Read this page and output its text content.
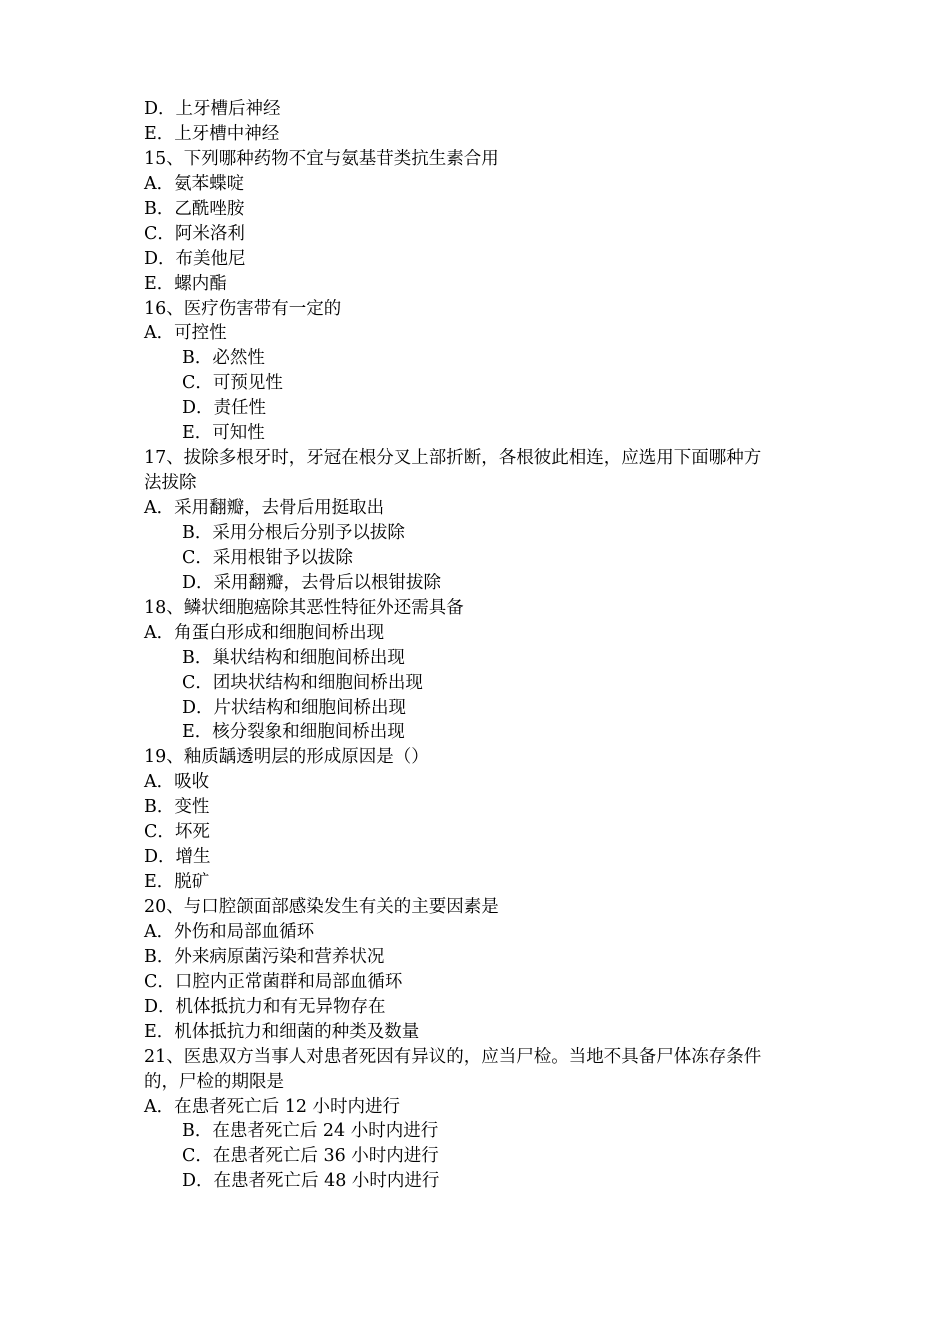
D．上牙槽后神经
E．上牙槽中神经
15、下列哪种药物不宜与氨基苷类抗生素合用
A．氨苯蝶啶
B．乙酰唑胺
C．阿米洛利
D．布美他尼
E．螺内酯
16、医疗伤害带有一定的
A．可控性
B．必然性
C．可预见性
D．责任性
E．可知性
17、拔除多根牙时，牙冠在根分叉上部折断，各根彼此相连，应选用下面哪种方
法拔除
A．采用翻瓣，去骨后用挺取出
B．采用分根后分别予以拔除
C．采用根钳予以拔除
D．采用翻瓣，去骨后以根钳拔除
18、鳞状细胞癌除其恶性特征外还需具备
A．角蛋白形成和细胞间桥出现
B．巢状结构和细胞间桥出现
C．团块状结构和细胞间桥出现
D．片状结构和细胞间桥出现
E．核分裂象和细胞间桥出现
19、釉质龋透明层的形成原因是（）
A．吸收
B．变性
C．坏死
D．增生
E．脱矿
20、与口腔颌面部感染发生有关的主要因素是
A．外伤和局部血循环
B．外来病原菌污染和营养状况
C．口腔内正常菌群和局部血循环
D．机体抵抗力和有无异物存在
E．机体抵抗力和细菌的种类及数量
21、医患双方当事人对患者死因有异议的，应当尸检。当地不具备尸体冻存条件
的，尸检的期限是
A．在患者死亡后 12 小时内进行
B．在患者死亡后 24 小时内进行
C．在患者死亡后 36 小时内进行
D．在患者死亡后 48 小时内进行
